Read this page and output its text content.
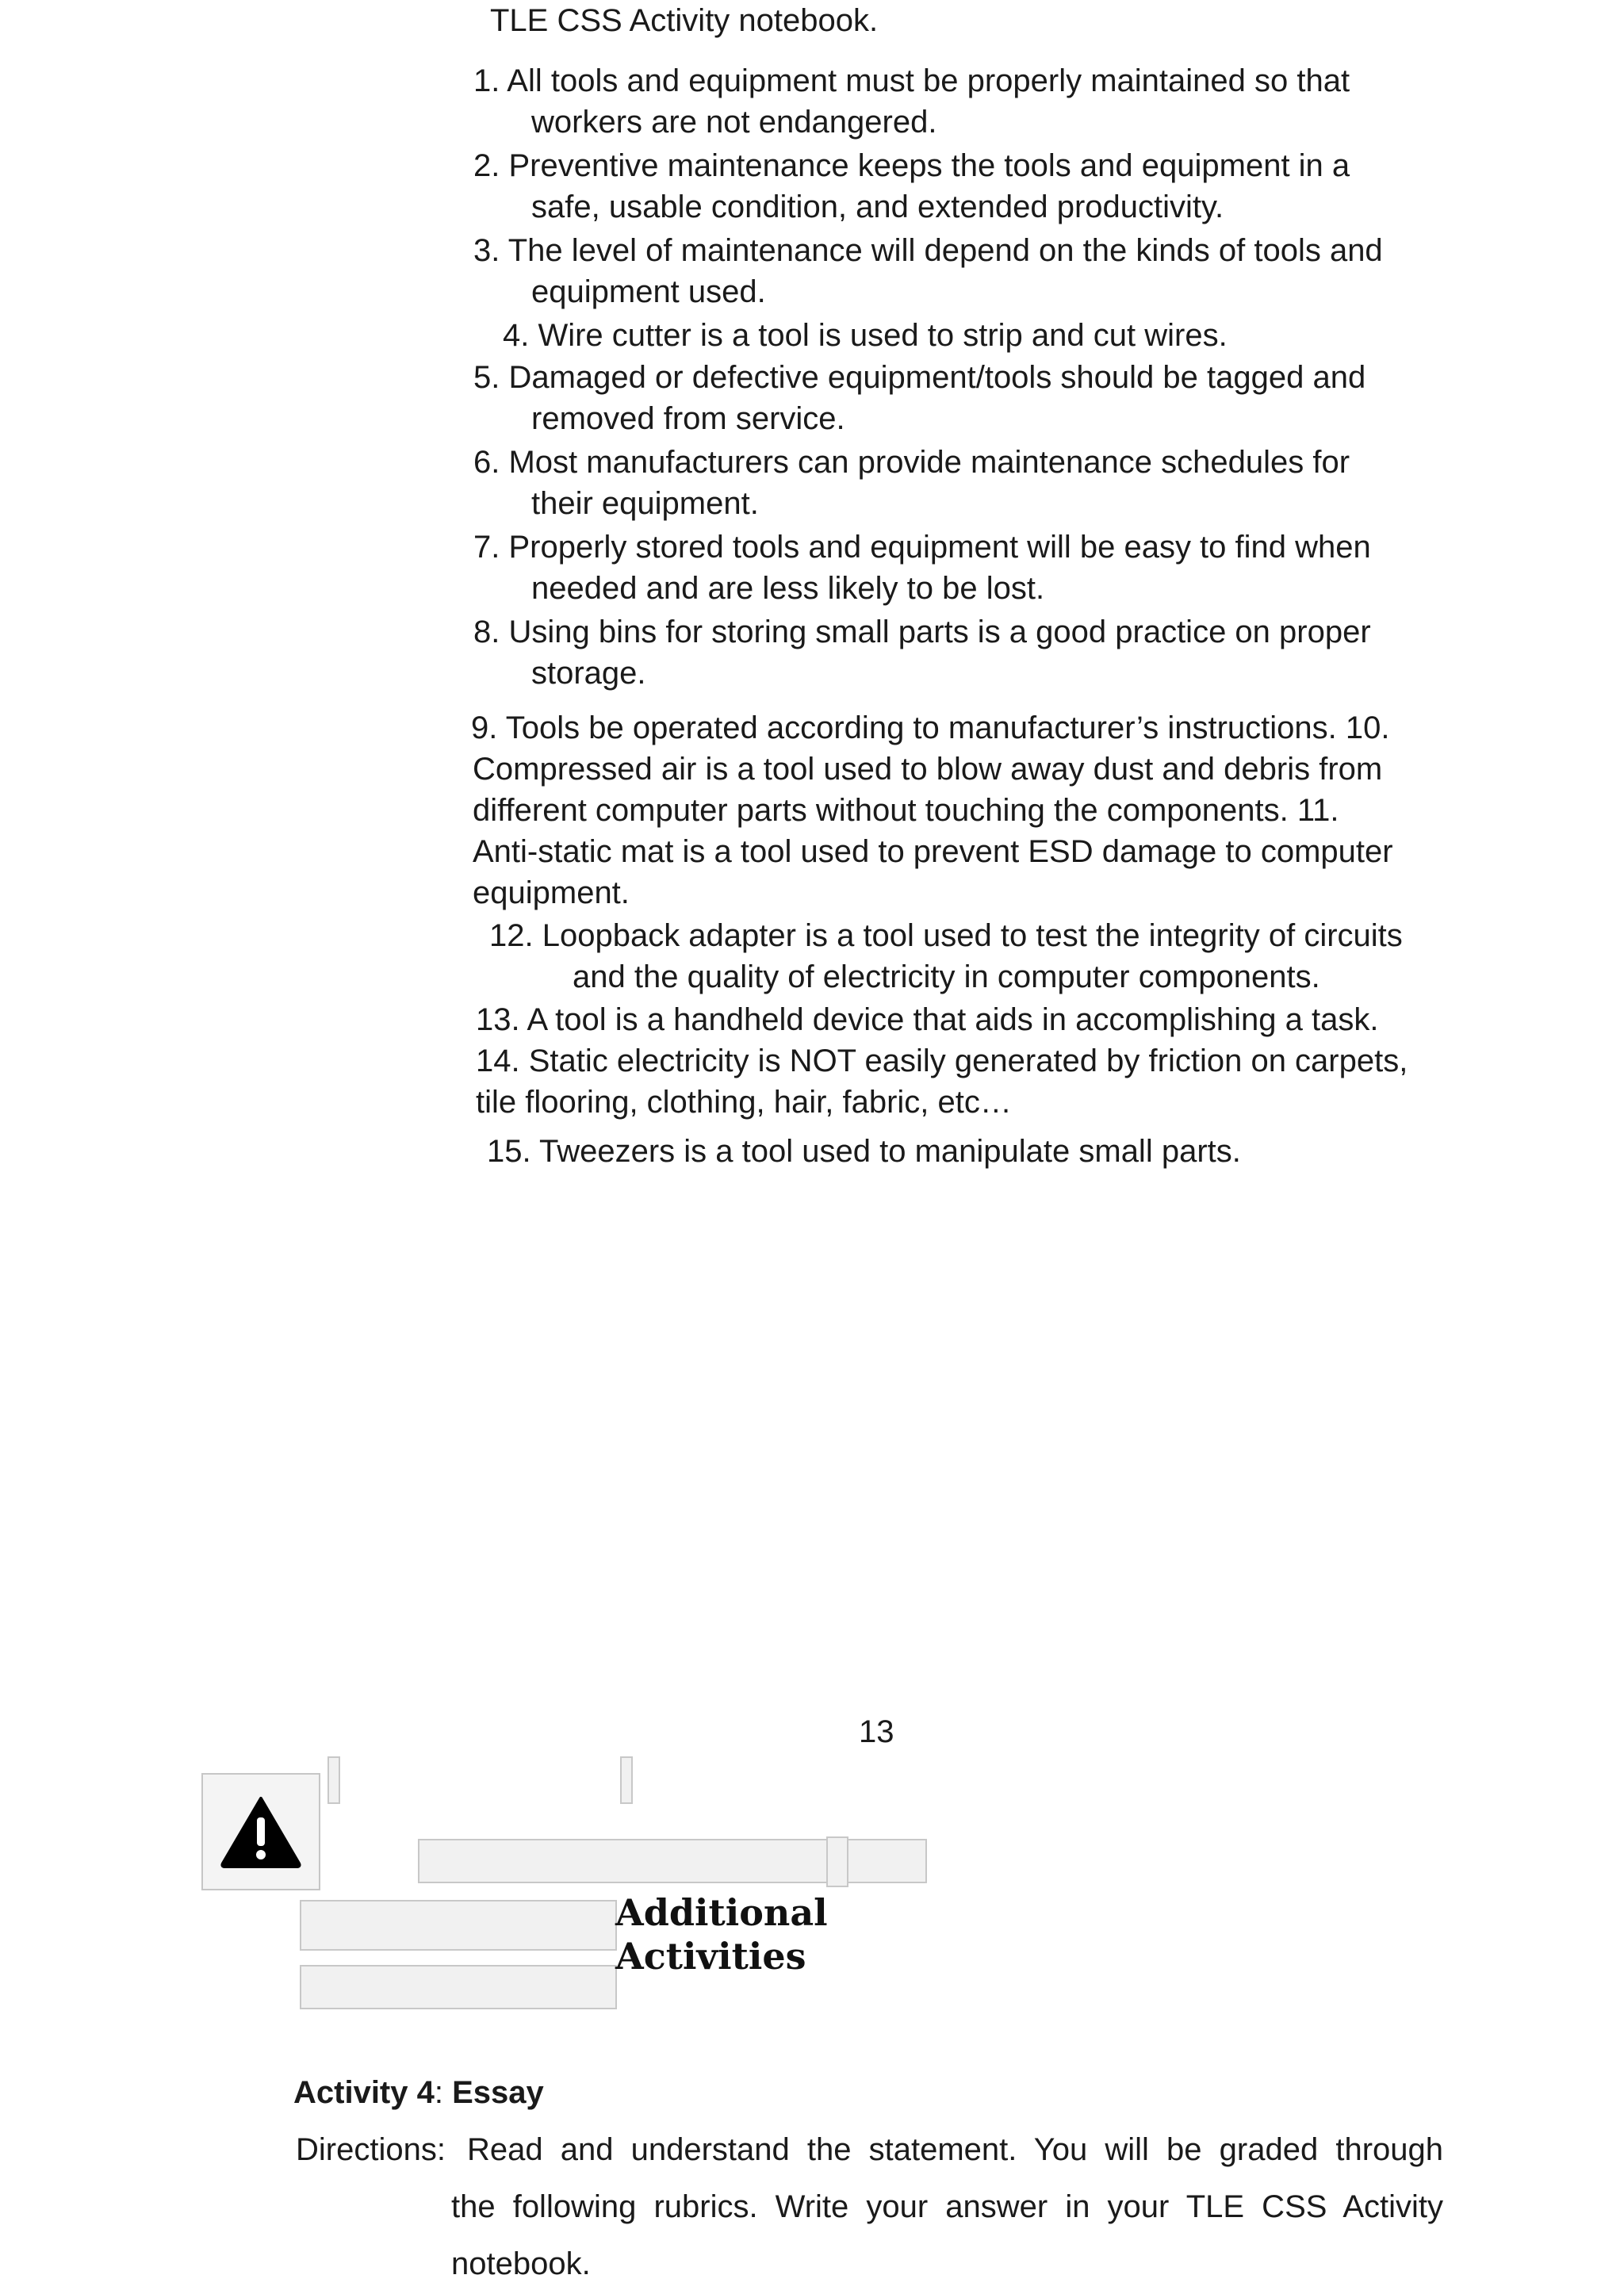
TLE CSS Activity notebook.
1. All tools and equipment must be properly maintained so that
workers are not endangered.
2. Preventive maintenance keeps the tools and equipment in a
safe, usable condition, and extended productivity.
3. The level of maintenance will depend on the kinds of tools and
equipment used.
4. Wire cutter is a tool is used to strip and cut wires.
5. Damaged or defective equipment/tools should be tagged and
removed from service.
6. Most manufacturers can provide maintenance schedules for
their equipment.
7. Properly stored tools and equipment will be easy to find when
needed and are less likely to be lost.
8. Using bins for storing small parts is a good practice on proper
storage.
9. Tools be operated according to manufacturer’s instructions. 10.
Compressed air is a tool used to blow away dust and debris from
different computer parts without touching the components. 11.
Anti-static mat is a tool used to prevent ESD damage to computer
equipment.
12. Loopback adapter is a tool used to test the integrity of circuits
and the quality of electricity in computer components.
13. A tool is a handheld device that aids in accomplishing a task.
14. Static electricity is NOT easily generated by friction on carpets,
tile flooring, clothing, hair, fabric, etc…
15. Tweezers is a tool used to manipulate small parts.
13
Additional
Activities
Activity 4: Essay
Directions: Read and understand the statement. You will be graded through
the following rubrics. Write your answer in your TLE CSS Activity
notebook.
